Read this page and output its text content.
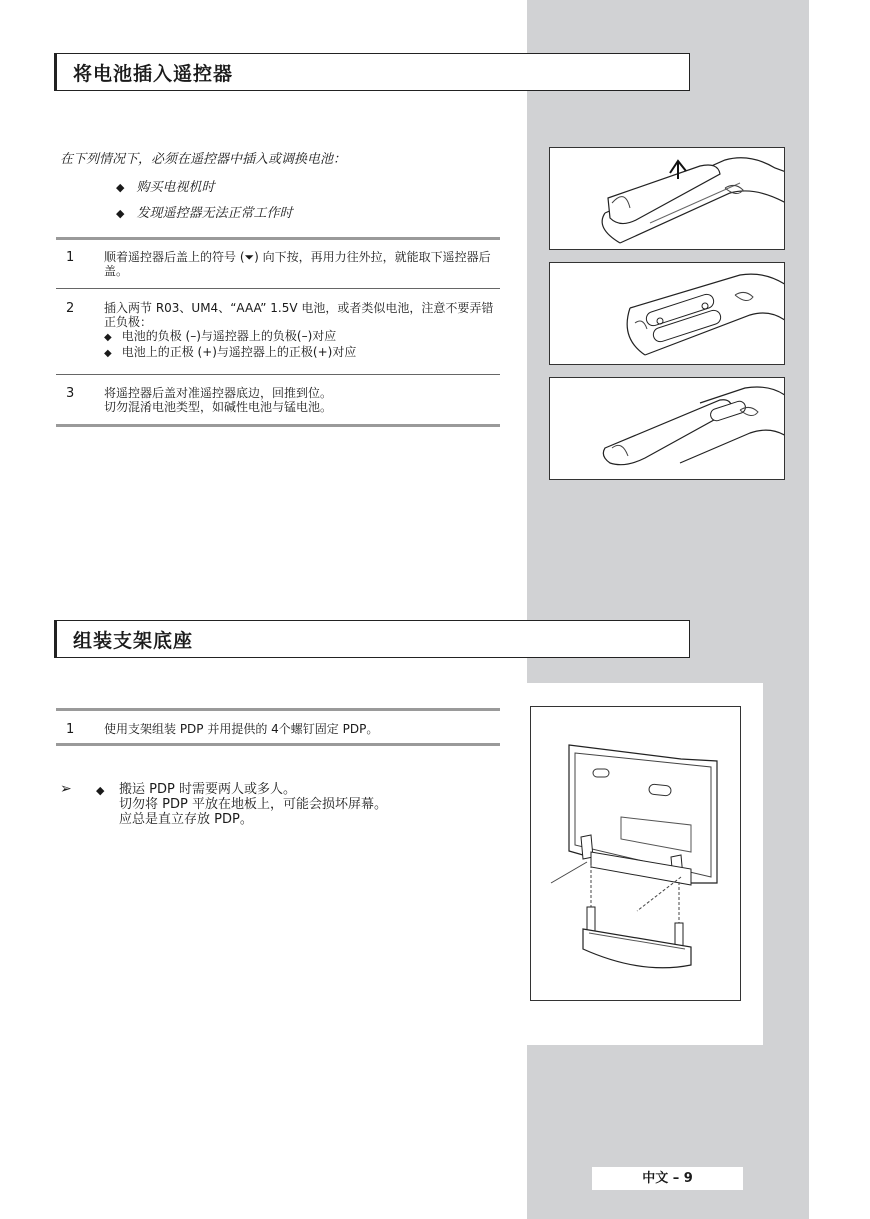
将电池插入遥控器
在下列情况下，必须在遥控器中插入或调换电池：
◆ 购买电视机时
◆ 发现遥控器无法正常工作时
1 顺着遥控器后盖上的符号 (⏷) 向下按，再用力往外拉，就能取下遥控器后盖。
2 插入两节 R03、UM4、“AAA” 1.5V 电池，或者类似电池，注意不要弄错正负极：
◆ 电池的负极 (–)与遥控器上的负极(–)对应
◆ 电池上的正极 (+)与遥控器上的正极(+)对应
3 将遥控器后盖对准遥控器底边，回推到位。
切勿混淆电池类型，如碱性电池与锰电池。
组装支架底座
1 使用支架组装 PDP 并用提供的 4个螺钉固定 PDP。
➢ ◆ 搬运 PDP 时需要两人或多人。
切勿将 PDP 平放在地板上，可能会损坏屏幕。
应总是直立存放 PDP。
中文 – 9
